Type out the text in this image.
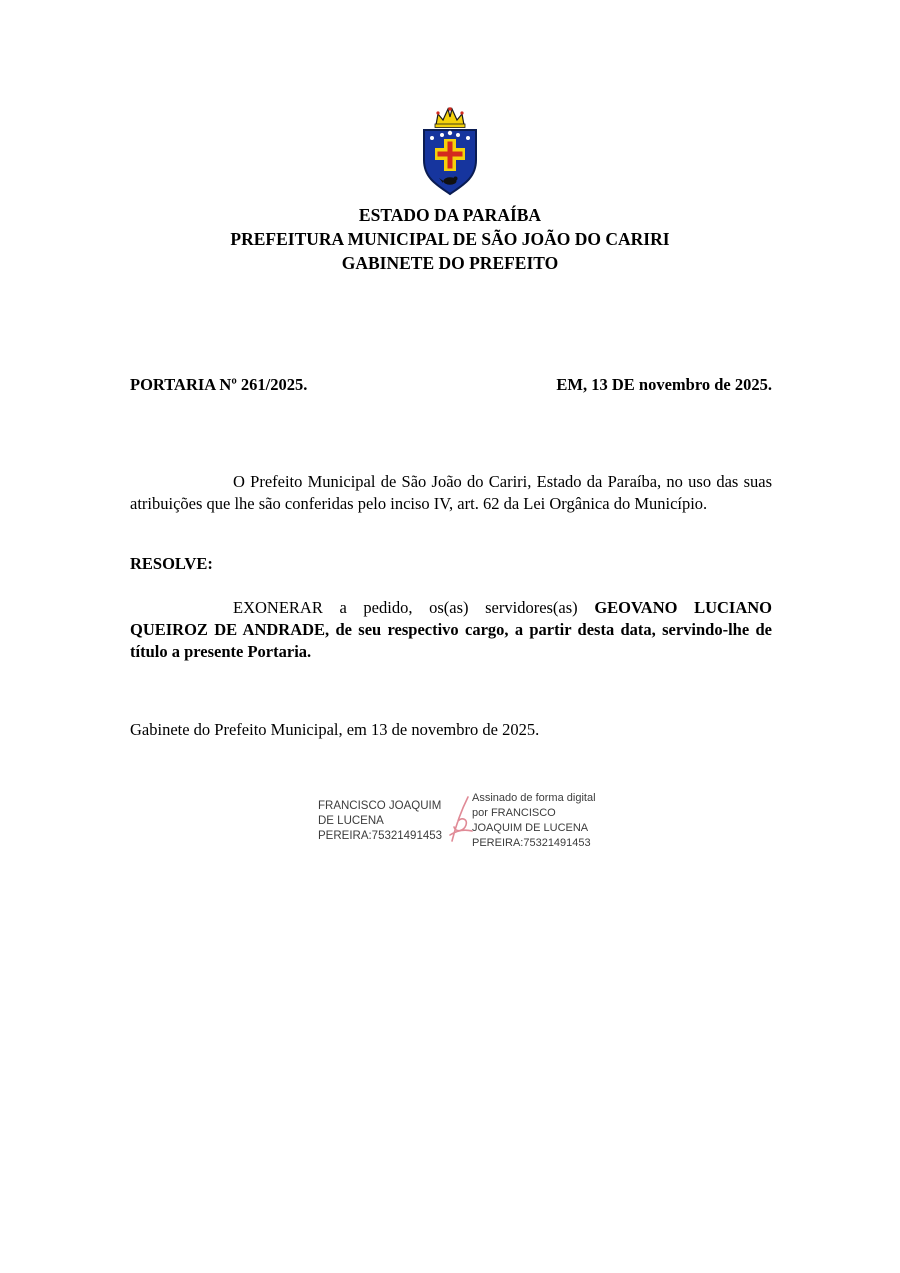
ESTADO DA PARAÍBA
PREFEITURA MUNICIPAL DE SÃO JOÃO DO CARIRI
GABINETE DO PREFEITO
PORTARIA Nº 261/2025.	EM, 13 DE novembro de 2025.

O Prefeito Municipal de São João do Cariri, Estado da Paraíba, no uso das suas atribuições que lhe são conferidas pelo inciso IV, art. 62 da Lei Orgânica do Município.

RESOLVE:

EXONERAR a pedido, os(as) servidores(as) GEOVANO LUCIANO QUEIROZ DE ANDRADE, de seu respectivo cargo, a partir desta data, servindo-lhe de título a presente Portaria.

Gabinete do Prefeito Municipal, em 13 de novembro de 2025.

FRANCISCO JOAQUIM DE LUCENA PEREIRA:75321491453
Assinado de forma digital por FRANCISCO JOAQUIM DE LUCENA PEREIRA:75321491453
